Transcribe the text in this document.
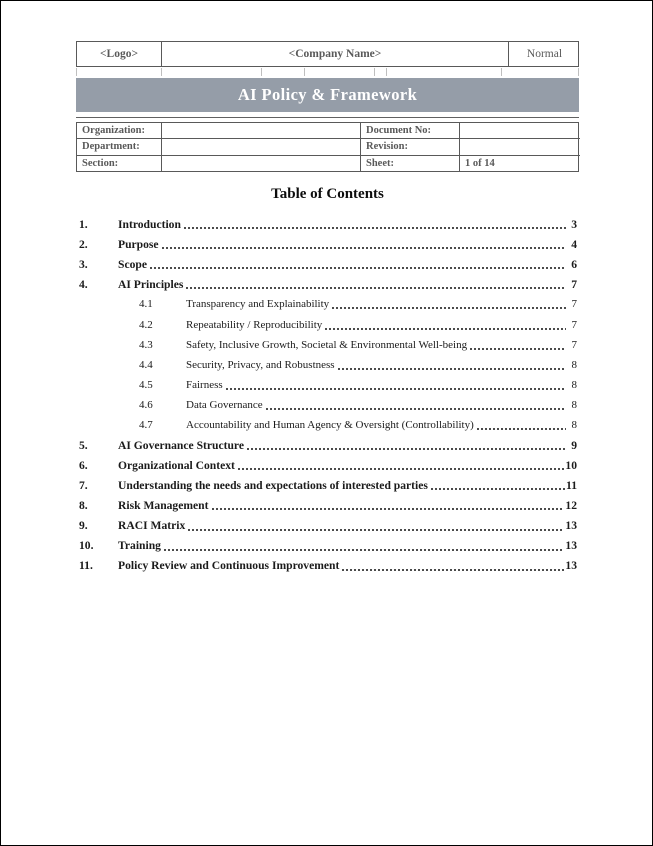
<Logo>	<Company Name>	Normal
AI Policy & Framework
Organization:	Document No:
Department:	Revision:
Section:	Sheet:	1 of 14
Table of Contents
1.	Introduction	3
2.	Purpose	4
3.	Scope	6
4.	AI Principles	7
4.1	Transparency and Explainability	7
4.2	Repeatability / Reproducibility	7
4.3	Safety, Inclusive Growth, Societal & Environmental Well-being	7
4.4	Security, Privacy, and Robustness	8
4.5	Fairness	8
4.6	Data Governance	8
4.7	Accountability and Human Agency & Oversight (Controllability)	8
5.	AI Governance Structure	9
6.	Organizational Context	10
7.	Understanding the needs and expectations of interested parties	11
8.	Risk Management	12
9.	RACI Matrix	13
10.	Training	13
11.	Policy Review and Continuous Improvement	13
